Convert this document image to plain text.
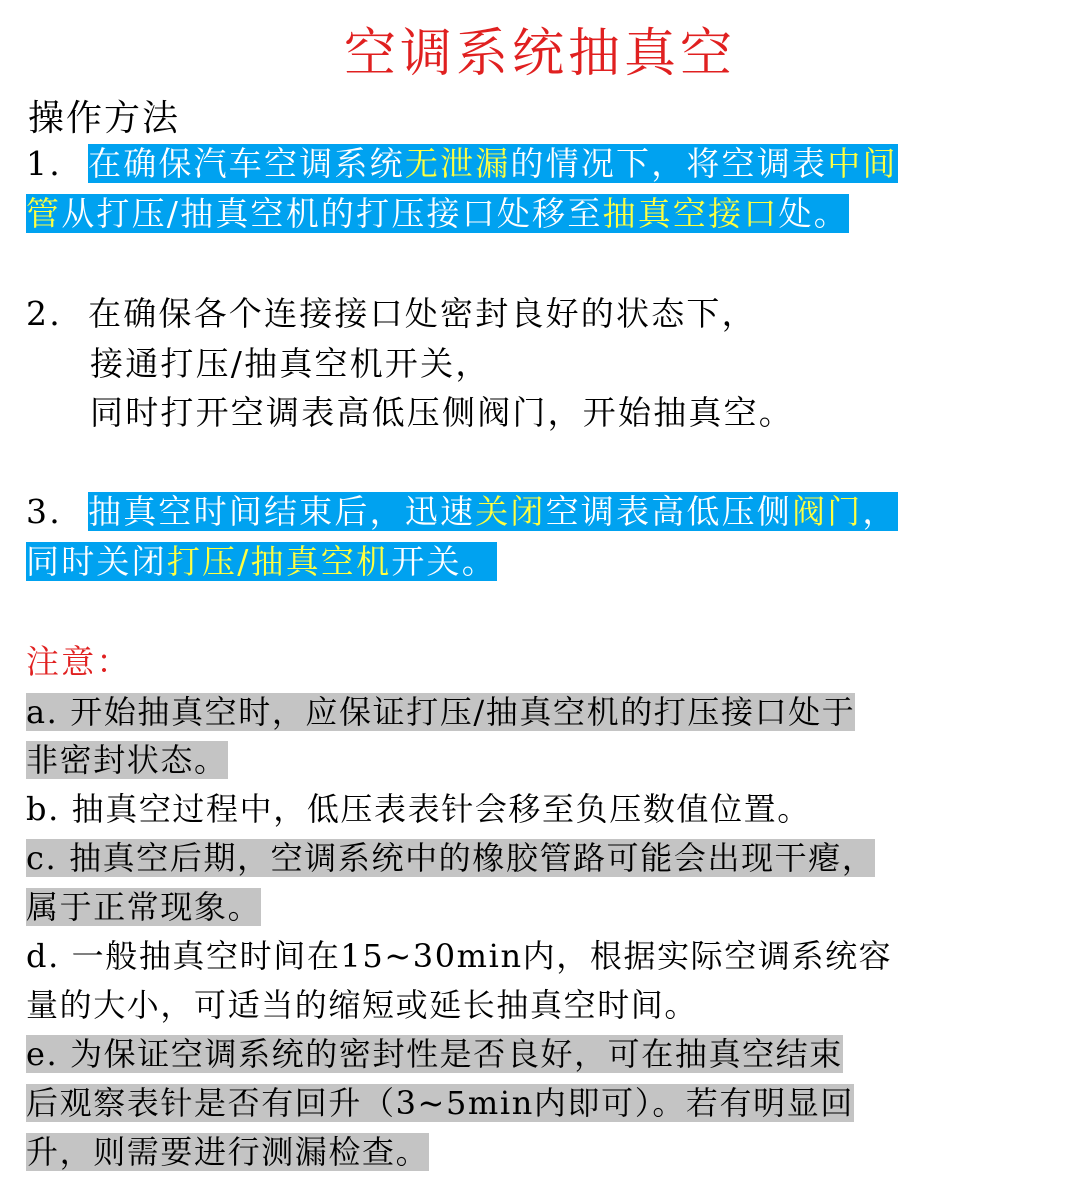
空调系统抽真空
操作方法
1. 在确保汽车空调系统无泄漏的情况下，将空调表中间
管从打压/抽真空机的打压接口处移至抽真空接口处。
2. 在确保各个连接接口处密封良好的状态下，
接通打压/抽真空机开关，
同时打开空调表高低压侧阀门，开始抽真空。
3. 抽真空时间结束后，迅速关闭空调表高低压侧阀门，
同时关闭打压/抽真空机开关。
注意：
a. 开始抽真空时，应保证打压/抽真空机的打压接口处于
非密封状态。
b. 抽真空过程中，低压表表针会移至负压数值位置。
c. 抽真空后期，空调系统中的橡胶管路可能会出现干瘪，
属于正常现象。
d. 一般抽真空时间在15~30min内，根据实际空调系统容
量的大小，可适当的缩短或延长抽真空时间。
e. 为保证空调系统的密封性是否良好，可在抽真空结束
后观察表针是否有回升（3~5min内即可）。若有明显回
升，则需要进行测漏检查。
